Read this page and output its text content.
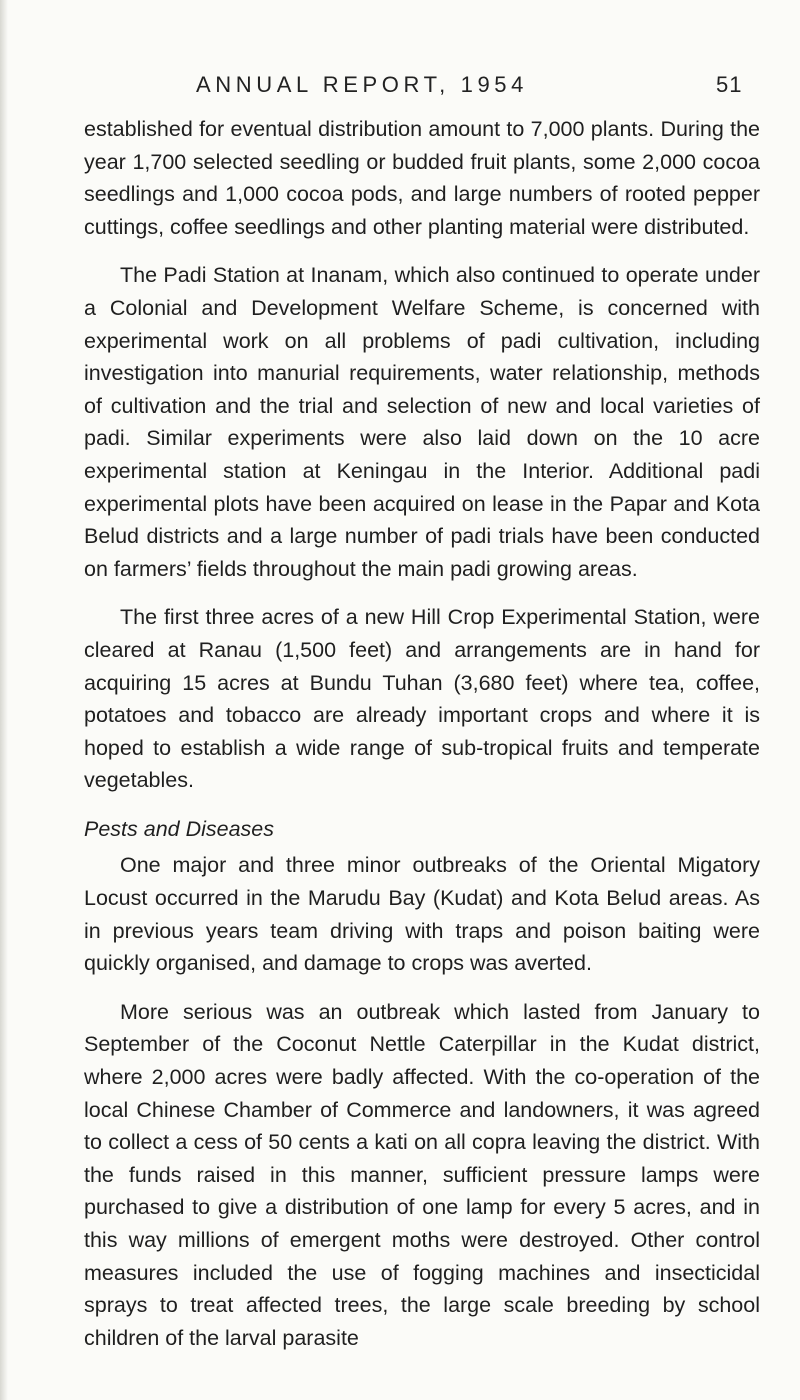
ANNUAL REPORT, 1954	51

established for eventual distribution amount to 7,000 plants. During the year 1,700 selected seedling or budded fruit plants, some 2,000 cocoa seedlings and 1,000 cocoa pods, and large numbers of rooted pepper cuttings, coffee seedlings and other planting material were distributed.

The Padi Station at Inanam, which also continued to operate under a Colonial and Development Welfare Scheme, is concerned with experimental work on all problems of padi cultivation, including investigation into manurial requirements, water relationship, methods of cultivation and the trial and selection of new and local varieties of padi. Similar experiments were also laid down on the 10 acre experimental station at Keningau in the Interior. Additional padi experimental plots have been acquired on lease in the Papar and Kota Belud districts and a large number of padi trials have been conducted on farmers’ fields throughout the main padi growing areas.

The first three acres of a new Hill Crop Experimental Station, were cleared at Ranau (1,500 feet) and arrangements are in hand for acquiring 15 acres at Bundu Tuhan (3,680 feet) where tea, coffee, potatoes and tobacco are already important crops and where it is hoped to establish a wide range of sub-tropical fruits and temperate vegetables.

Pests and Diseases

One major and three minor outbreaks of the Oriental Migatory Locust occurred in the Marudu Bay (Kudat) and Kota Belud areas. As in previous years team driving with traps and poison baiting were quickly organised, and damage to crops was averted.

More serious was an outbreak which lasted from January to September of the Coconut Nettle Caterpillar in the Kudat district, where 2,000 acres were badly affected. With the co-operation of the local Chinese Chamber of Commerce and landowners, it was agreed to collect a cess of 50 cents a kati on all copra leaving the district. With the funds raised in this manner, sufficient pressure lamps were purchased to give a distribution of one lamp for every 5 acres, and in this way millions of emergent moths were destroyed. Other control measures included the use of fogging machines and insecticidal sprays to treat affected trees, the large scale breeding by school children of the larval parasite
